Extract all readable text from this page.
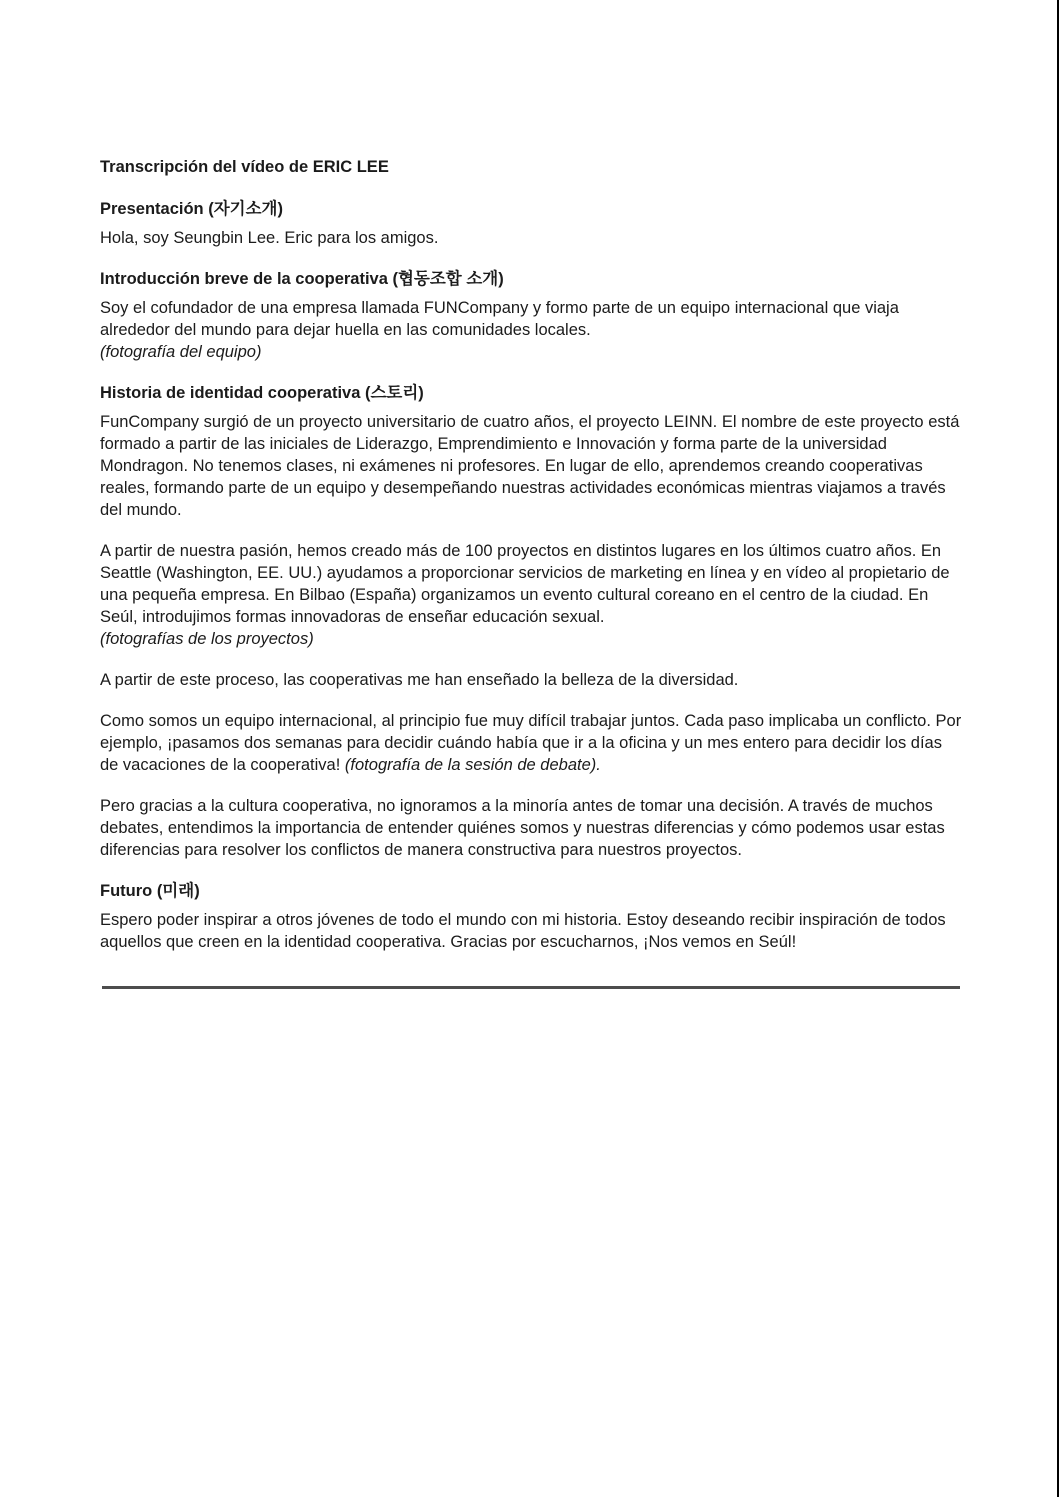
Transcripción del vídeo de ERIC LEE
Presentación (자기소개)

Hola, soy Seungbin Lee. Eric para los amigos.

Introducción breve de la cooperativa (협동조합 소개)

Soy el cofundador de una empresa llamada FUNCompany y formo parte de un equipo internacional que viaja alrededor del mundo para dejar huella en las comunidades locales.

(fotografía del equipo)

Historia de identidad cooperativa (스토리)

FunCompany surgió de un proyecto universitario de cuatro años, el proyecto LEINN. El nombre de este proyecto está formado a partir de las iniciales de Liderazgo, Emprendimiento e Innovación y forma parte de la universidad Mondragon. No tenemos clases, ni exámenes ni profesores. En lugar de ello, aprendemos creando cooperativas reales, formando parte de un equipo y desempeñando nuestras actividades económicas mientras viajamos a través del mundo.

A partir de nuestra pasión, hemos creado más de 100 proyectos en distintos lugares en los últimos cuatro años. En Seattle (Washington, EE. UU.) ayudamos a proporcionar servicios de marketing en línea y en vídeo al propietario de una pequeña empresa. En Bilbao (España) organizamos un evento cultural coreano en el centro de la ciudad. En Seúl, introdujimos formas innovadoras de enseñar educación sexual.

(fotografías de los proyectos)

A partir de este proceso, las cooperativas me han enseñado la belleza de la diversidad.

Como somos un equipo internacional, al principio fue muy difícil trabajar juntos. Cada paso implicaba un conflicto. Por ejemplo, ¡pasamos dos semanas para decidir cuándo había que ir a la oficina y un mes entero para decidir los días de vacaciones de la cooperativa! (fotografía de la sesión de debate).

Pero gracias a la cultura cooperativa, no ignoramos a la minoría antes de tomar una decisión. A través de muchos debates, entendimos la importancia de entender quiénes somos y nuestras diferencias y cómo podemos usar estas diferencias para resolver los conflictos de manera constructiva para nuestros proyectos.

Futuro (미래)

Espero poder inspirar a otros jóvenes de todo el mundo con mi historia. Estoy deseando recibir inspiración de todos aquellos que creen en la identidad cooperativa. Gracias por escucharnos, ¡Nos vemos en Seúl!
